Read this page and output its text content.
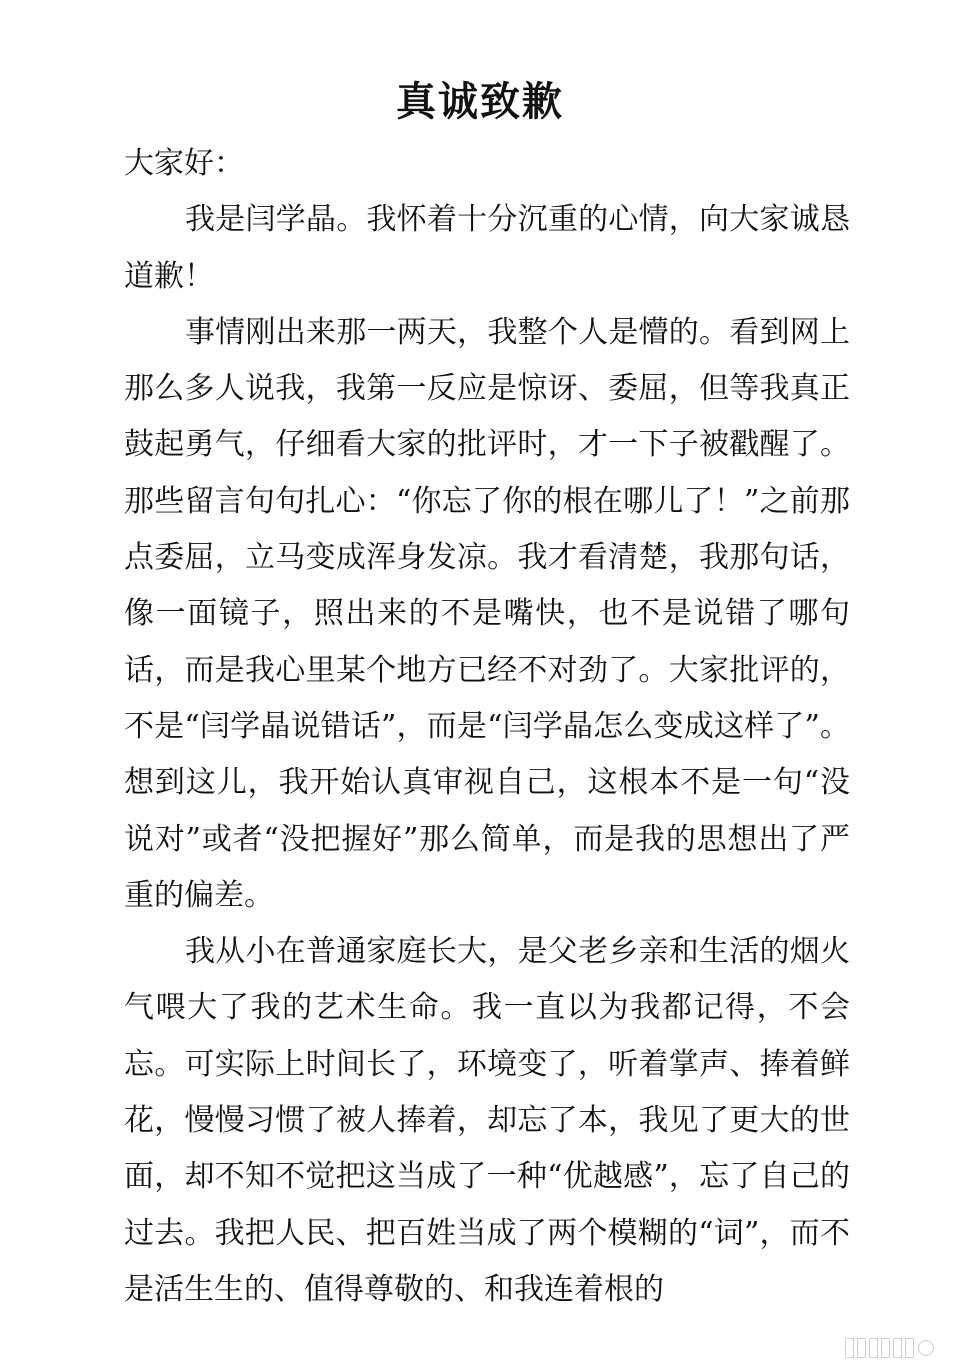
真诚致歉

大家好：

我是闫学晶。我怀着十分沉重的心情，向大家诚恳道歉！

事情刚出来那一两天，我整个人是懵的。看到网上那么多人说我，我第一反应是惊讶、委屈，但等我真正鼓起勇气，仔细看大家的批评时，才一下子被戳醒了。那些留言句句扎心：“你忘了你的根在哪儿了！”之前那点委屈，立马变成浑身发凉。我才看清楚，我那句话，像一面镜子，照出来的不是嘴快，也不是说错了哪句话，而是我心里某个地方已经不对劲了。大家批评的，不是“闫学晶说错话”，而是“闫学晶怎么变成这样了”。想到这儿，我开始认真审视自己，这根本不是一句“没说对”或者“没把握好”那么简单，而是我的思想出了严重的偏差。

我从小在普通家庭长大，是父老乡亲和生活的烟火气喂大了我的艺术生命。我一直以为我都记得，不会忘。可实际上时间长了，环境变了，听着掌声、捧着鲜花，慢慢习惯了被人捧着，却忘了本，我见了更大的世面，却不知不觉把这当成了一种“优越感”，忘了自己的过去。我把人民、把百姓当成了两个模糊的“词”，而不是活生生的、值得尊敬的、和我连着根的
